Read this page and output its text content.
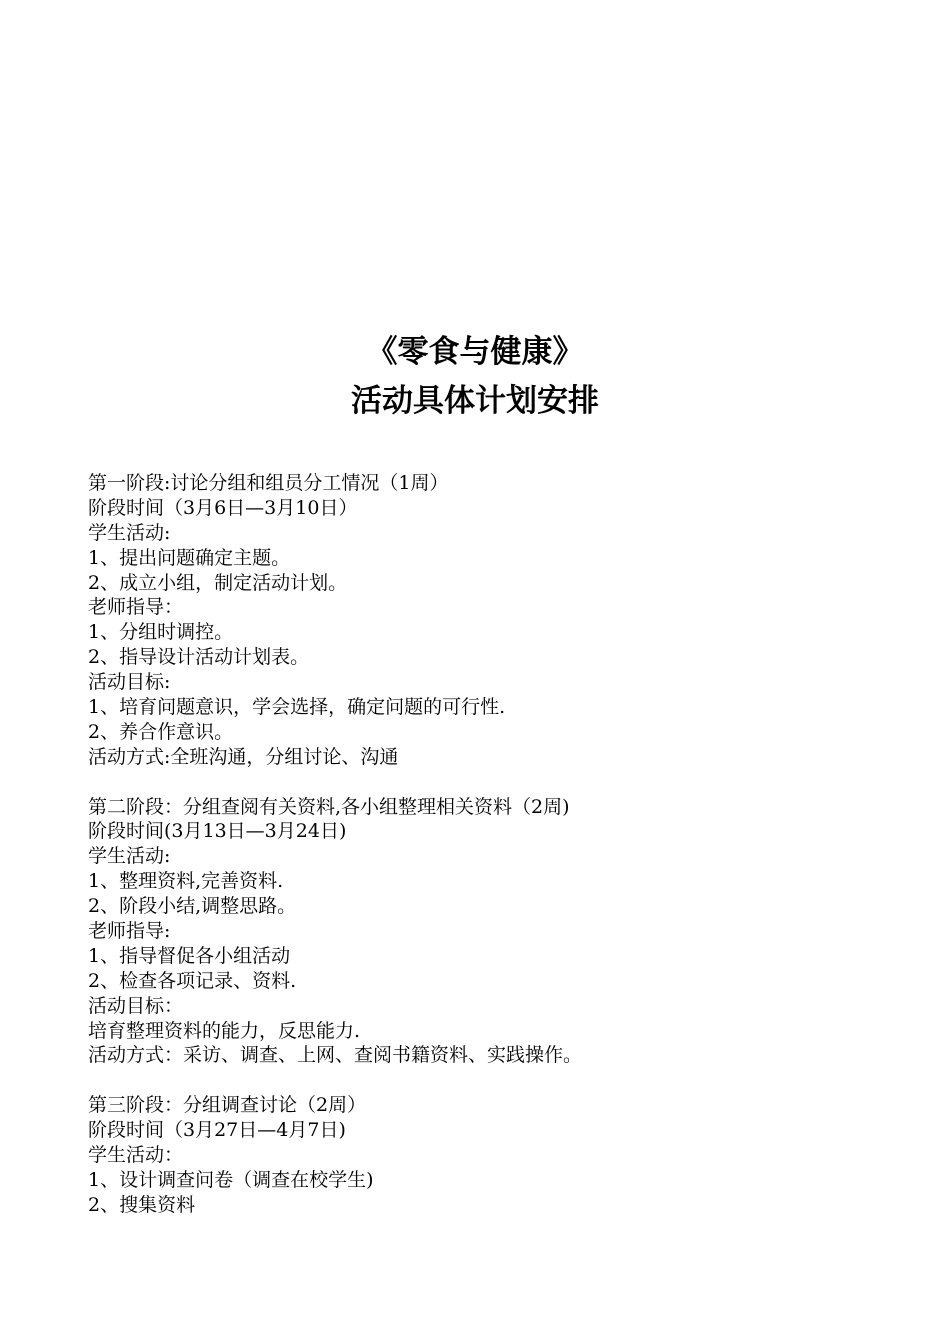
《零食与健康》
活动具体计划安排
第一阶段:讨论分组和组员分工情况（1周）
阶段时间（3月6日—3月10日）
学生活动:
1、提出问题确定主题。
2、成立小组，制定活动计划。
老师指导：
1、分组时调控。
2、指导设计活动计划表。
活动目标:
1、培育问题意识，学会选择，确定问题的可行性.
2、养合作意识。
活动方式:全班沟通，分组讨论、沟通
第二阶段：分组查阅有关资料,各小组整理相关资料（2周)
阶段时间(3月13日—3月24日)
学生活动:
1、整理资料,完善资料.
2、阶段小结,调整思路。
老师指导:
1、指导督促各小组活动
2、检查各项记录、资料.
活动目标：
培育整理资料的能力，反思能力.
活动方式：采访、调查、上网、查阅书籍资料、实践操作。
第三阶段：分组调查讨论（2周）
阶段时间（3月27日—4月7日)
学生活动：
1、设计调查问卷（调查在校学生)
2、搜集资料
